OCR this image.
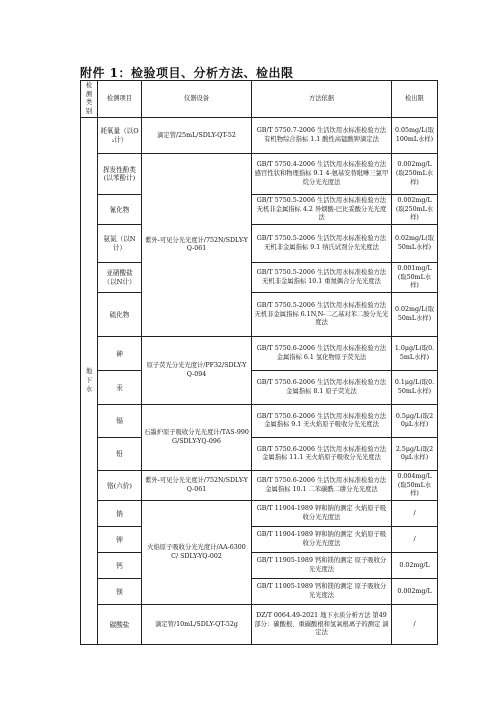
附件 1：检验项目、分析方法、检出限
检测类别	检测项目	仪器设备	方法依据	检出限
地下水	耗氧量（以O₂计）	滴定管/25mL/SDLY-QT-52	GB/T 5750.7-2006 生活饮用水标准检验方法 有机物综合指标 1.1 酸性高锰酸钾滴定法	0.05mg/L(取100mL水样)
	挥发性酚类(以苯酚计)	紫外-可见分光光度计/752N/SDLY-YQ-061	GB/T 5750.4-2006 生活饮用水标准检验方法 感官性状和物理指标 9.1 4-氨基安替吡啉三氯甲烷分光光度法	0.002mg/L(取250mL水样)
	氰化物		GB/T 5750.5-2006 生活饮用水标准检验方法 无机非金属指标 4.2 异烟酸-巴比妥酸分光光度法	0.002mg/L(取250mL水样)
	氨氮（以N计）		GB/T 5750.5-2006 生活饮用水标准检验方法 无机非金属指标 9.1 纳氏试剂分光光度法	0.02mg/L(取50mL水样)
	亚硝酸盐（以N计）		GB/T 5750.5-2006 生活饮用水标准检验方法 无机非金属指标 10.1 重氮偶合分光光度法	0.001mg/L(取50mL水样)
	硫化物		GB/T 5750.5-2006 生活饮用水标准检验方法 无机非金属指标 6.1N,N-二乙基对苯二胺分光光度法	0.02mg/L(取50mL水样)
	砷	原子荧光分光光度计/PF32/SDLY-YQ-094	GB/T 5750.6-2006 生活饮用水标准检验方法 金属指标 6.1 氢化物原子荧光法	1.0μg/L(取0.5mL水样)
	汞		GB/T 5750.6-2006 生活饮用水标准检验方法 金属指标 8.1 原子荧光法	0.1μg/L(取0.50mL水样)
	镉	石墨炉原子吸收分光光度计/TAS-990G/SDLY-YQ-096	GB/T 5750.6-2006 生活饮用水标准检验方法 金属指标 9.1 无火焰原子吸收分光光度法	0.5μg/L(取20μL水样)
	铅		GB/T 5750.6-2006 生活饮用水标准检验方法 金属指标 11.1 无火焰原子吸收分光光度法	2.5μg/L(取20μL水样)
	铬(六价)	紫外-可见分光光度计/752N/SDLY-YQ-061	GB/T 5750.6-2006 生活饮用水标准检验方法 金属指标 10.1 二苯碳酰二肼分光光度法	0.004mg/L(取50mL水样)
	钠	火焰原子吸收分光光度计/AA-6300C/ SDLY-YQ-002	GB/T 11904-1989 钾和钠的测定 火焰原子吸收分光光度法	/
	钾		GB/T 11904-1989 钾和钠的测定 火焰原子吸收分光光度法	/
	钙		GB/T 11905-1989 钙和镁的测定 原子吸收分光光度法	0.02mg/L
	镁		GB/T 11905-1989 钙和镁的测定 原子吸收分光光度法	0.002mg/L
	碳酸盐	滴定管/10mL/SDLY-QT-52g	DZ/T 0064.49-2021 地下水质分析方法 第49部分：碳酸根、重碳酸根和氢氧根离子的测定 滴定法	/
